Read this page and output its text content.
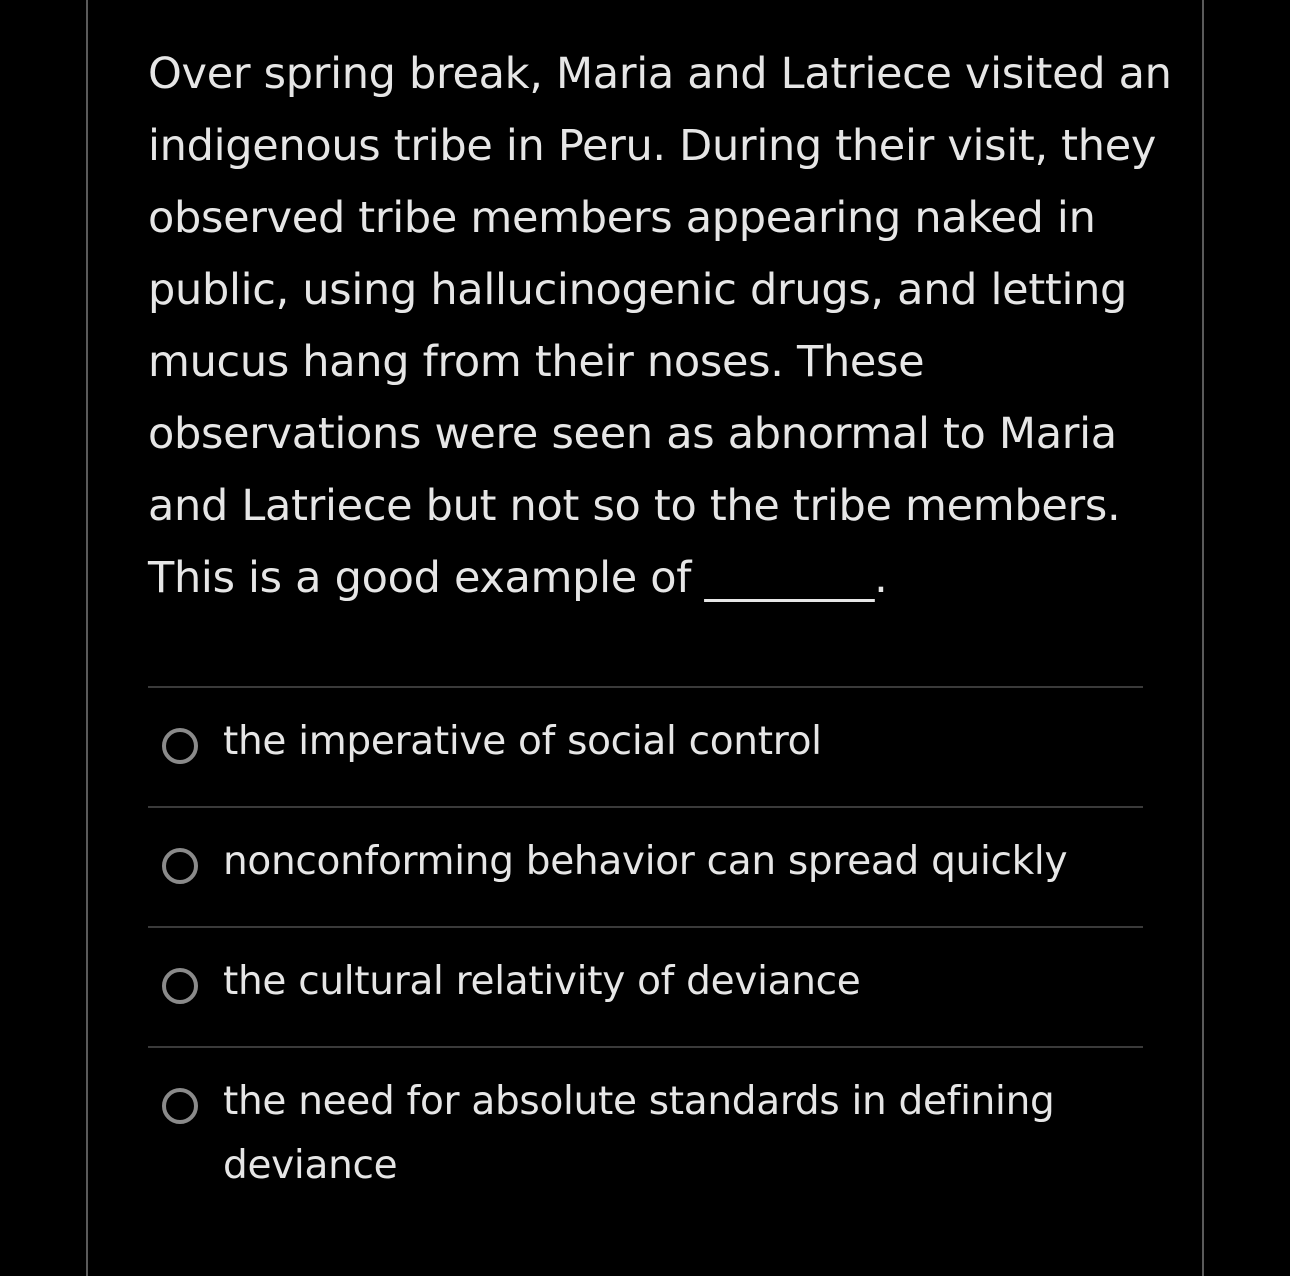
Over spring break, Maria and Latriece visited an
indigenous tribe in Peru. During their visit, they
observed tribe members appearing naked in
public, using hallucinogenic drugs, and letting
mucus hang from their noses. These
observations were seen as abnormal to Maria
and Latriece but not so to the tribe members.
This is a good example of ________.
the imperative of social control
nonconforming behavior can spread quickly
the cultural relativity of deviance
the need for absolute standards in defining deviance
